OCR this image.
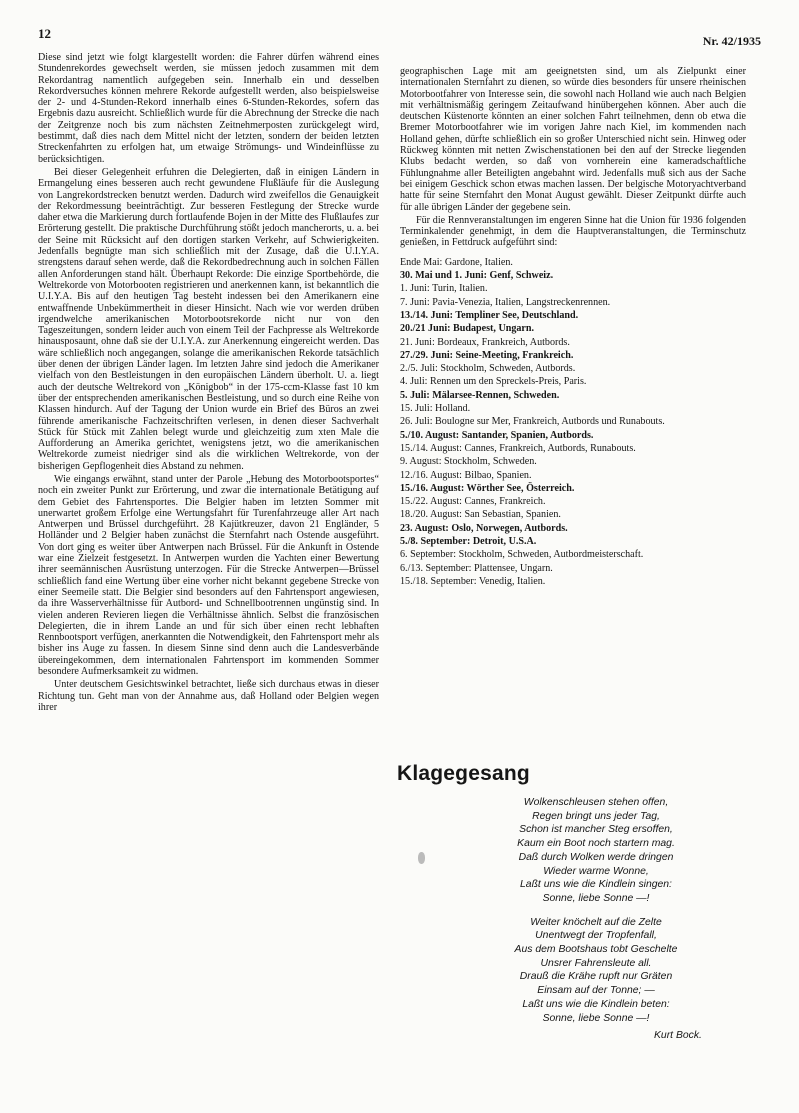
12	Nr. 42/1935

Diese sind jetzt wie folgt klargestellt worden: die Fahrer dürfen während eines Stundenrekordes gewechselt werden, sie müssen jedoch zusammen mit dem Rekordantrag namentlich aufgegeben sein. Innerhalb ein und desselben Rekordversuches können mehrere Rekorde aufgestellt werden, also beispielsweise der 2- und 4-Stunden-Rekord innerhalb eines 6-Stunden-Rekordes, sofern das Ergebnis dazu ausreicht. Schließlich wurde für die Abrechnung der Strecke die nach der Zeitgrenze noch bis zum nächsten Zeitnehmerposten zurückgelegt wird, bestimmt, daß dies nach dem Mittel nicht der letzten, sondern der beiden letzten Streckenfahrten zu erfolgen hat, um etwaige Strömungs- und Windeinflüsse zu berücksichtigen.

Bei dieser Gelegenheit erfuhren die Delegierten, daß in einigen Ländern in Ermangelung eines besseren auch recht gewundene Flußläufe für die Auslegung von Langrekordstrecken benutzt werden. Dadurch wird zweifellos die Genauigkeit der Rekordmessung beeinträchtigt. Zur besseren Festlegung der Strecke wurde daher etwa die Markierung durch fortlaufende Bojen in der Mitte des Flußlaufes zur Erörterung gestellt. Die praktische Durchführung stößt jedoch mancherorts, u. a. bei der Seine mit Rücksicht auf den dortigen starken Verkehr, auf Schwierigkeiten. Jedenfalls begnügte man sich schließlich mit der Zusage, daß die U.I.Y.A. strengstens darauf sehen werde, daß die Rekordbedrechnung auch in solchen Fällen allen Anforderungen stand hält. Überhaupt Rekorde: Die einzige Sportbehörde, die Weltrekorde von Motorbooten registrieren und anerkennen kann, ist bekanntlich die U.I.Y.A. Bis auf den heutigen Tag besteht indessen bei den Amerikanern eine entwaffnende Unbekümmertheit in dieser Hinsicht. Nach wie vor werden drüben irgendwelche amerikanischen Motorbootsrekorde nicht nur von den Tageszeitungen, sondern leider auch von einem Teil der Fachpresse als Weltrekorde hinausposaunt, ohne daß sie der U.I.Y.A. zur Anerkennung eingereicht werden. Das wäre schließlich noch angegangen, solange die amerikanischen Rekorde tatsächlich über denen der übrigen Länder lagen. Im letzten Jahre sind jedoch die Amerikaner vielfach von den Bestleistungen in den europäischen Ländern überholt. U. a. liegt auch der deutsche Weltrekord von „Königbob“ in der 175-ccm-Klasse fast 10 km über der entsprechenden amerikanischen Bestleistung, und so durch eine Reihe von Klassen hindurch. Auf der Tagung der Union wurde ein Brief des Büros an zwei führende amerikanische Fachzeitschriften verlesen, in denen dieser Sachverhalt Stück für Stück mit Zahlen belegt wurde und gleichzeitig zum xten Male die Aufforderung an Amerika gerichtet, wenigstens jetzt, wo die amerikanischen Weltrekorde zumeist niedriger sind als die wirklichen Weltrekorde, von der bisherigen Gepflogenheit dies Abstand zu nehmen.

Wie eingangs erwähnt, stand unter der Parole „Hebung des Motorbootsportes“ noch ein zweiter Punkt zur Erörterung, und zwar die internationale Betätigung auf dem Gebiet des Fahrtensportes. Die Belgier haben im letzten Sommer mit unerwartet großem Erfolge eine Wertungsfahrt für Turenfahrzeuge aller Art nach Antwerpen und Brüssel durchgeführt. 28 Kajütkreuzer, davon 21 Engländer, 5 Holländer und 2 Belgier haben zunächst die Sternfahrt nach Ostende ausgeführt. Von dort ging es weiter über Antwerpen nach Brüssel. Für die Ankunft in Ostende war eine Zielzeit festgesetzt. In Antwerpen wurden die Yachten einer Bewertung ihrer seemännischen Ausrüstung unterzogen. Für die Strecke Antwerpen—Brüssel schließlich fand eine Wertung über eine vorher nicht bekannt gegebene Strecke von einer Seemeile statt. Die Belgier sind besonders auf den Fahrtensport angewiesen, da ihre Wasserverhältnisse für Autbord- und Schnellbootrennen ungünstig sind. In vielen anderen Revieren liegen die Verhältnisse ähnlich. Selbst die französischen Delegierten, die in ihrem Lande an und für sich über einen recht lebhaften Rennbootsport verfügen, anerkannten die Notwendigkeit, den Fahrtensport mehr als bisher ins Auge zu fassen. In diesem Sinne sind denn auch die Landesverbände übereingekommen, dem internationalen Fahrtensport im kommenden Sommer besondere Aufmerksamkeit zu widmen.

Unter deutschem Gesichtswinkel betrachtet, ließe sich durchaus etwas in dieser Richtung tun. Geht man von der Annahme aus, daß Holland oder Belgien wegen ihrer

geographischen Lage mit am geeignetsten sind, um als Zielpunkt einer internationalen Sternfahrt zu dienen, so würde dies besonders für unsere rheinischen Motorbootfahrer von Interesse sein, die sowohl nach Holland wie auch nach Belgien mit verhältnismäßig geringem Zeitaufwand hinübergehen können. Aber auch die deutschen Küstenorte könnten an einer solchen Fahrt teilnehmen, denn ob etwa die Bremer Motorbootfahrer wie im vorigen Jahre nach Kiel, im kommenden nach Holland gehen, dürfte schließlich ein so großer Unterschied nicht sein. Hinweg oder Rückweg könnten mit netten Zwischenstationen bei den auf der Strecke liegenden Klubs bedacht werden, so daß von vornherein eine kameradschaftliche Fühlungnahme aller Beteiligten angebahnt wird. Jedenfalls muß sich aus der Sache bei einigem Geschick schon etwas machen lassen. Der belgische Motoryachtverband hatte für seine Sternfahrt den Monat August gewählt. Dieser Zeitpunkt dürfte auch für alle übrigen Länder der gegebene sein.

Für die Rennveranstaltungen im engeren Sinne hat die Union für 1936 folgenden Terminkalender genehmigt, in dem die Hauptveranstaltungen, die Terminschutz genießen, in Fettdruck aufgeführt sind:

Ende Mai: Gardone, Italien.

30. Mai und 1. Juni: Genf, Schweiz.

1. Juni: Turin, Italien.

7. Juni: Pavia-Venezia, Italien, Langstreckenrennen.

13./14. Juni: Templiner See, Deutschland.

20./21 Juni: Budapest, Ungarn.

21. Juni: Bordeaux, Frankreich, Autbords.

27./29. Juni: Seine-Meeting, Frankreich.

2./5. Juli: Stockholm, Schweden, Autbords.

4. Juli: Rennen um den Spreckels-Preis, Paris.

5. Juli: Mälarsee-Rennen, Schweden.

15. Juli: Holland.

26. Juli: Boulogne sur Mer, Frankreich, Autbords und Runabouts.

5./10. August: Santander, Spanien, Autbords.

15./14. August: Cannes, Frankreich, Autbords, Runabouts.

9. August: Stockholm, Schweden.

12./16. August: Bilbao, Spanien.

15./16. August: Wörther See, Österreich.

15./22. August: Cannes, Frankreich.

18./20. August: San Sebastian, Spanien.

23. August: Oslo, Norwegen, Autbords.

5./8. September: Detroit, U.S.A.

6. September: Stockholm, Schweden, Autbordmeisterschaft.

6./13. September: Plattensee, Ungarn.

15./18. September: Venedig, Italien.

Klagegesang
Wolkenschleusen stehen offen,
Regen bringt uns jeder Tag,
Schon ist mancher Steg ersoffen,
Kaum ein Boot noch startern mag.
Daß durch Wolken werde dringen
Wieder warme Wonne,
Laßt uns wie die Kindlein singen:
Sonne, liebe Sonne —!
Weiter knöchelt auf die Zelte
Unentwegt der Tropfenfall,
Aus dem Bootshaus tobt Geschelte
Unsrer Fahrensleute all.
Drauß die Krähe rupft nur Gräten
Einsam auf der Tonne; —
Laßt uns wie die Kindlein beten:
Sonne, liebe Sonne —!
Kurt Bock.
